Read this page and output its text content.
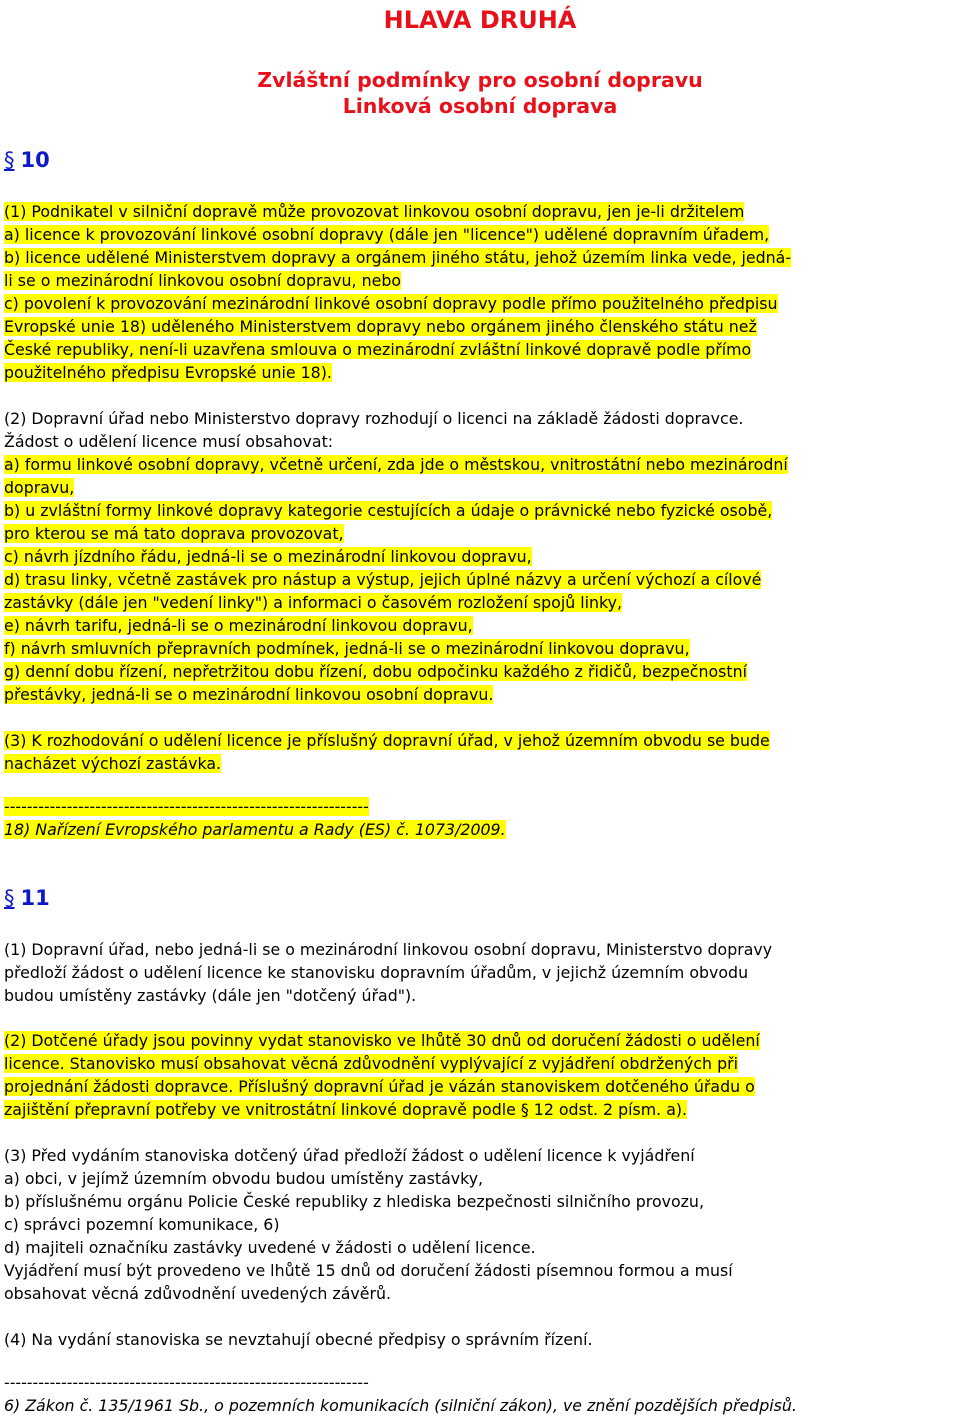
HLAVA DRUHÁ
Zvláštní podmínky pro osobní dopravu
Linková osobní doprava
§ 10
(1) Podnikatel v silniční dopravě může provozovat linkovou osobní dopravu, jen je-li držitelem
a) licence k provozování linkové osobní dopravy (dále jen "licence") udělené dopravním úřadem,
b) licence udělené Ministerstvem dopravy a orgánem jiného státu, jehož územím linka vede, jedná-
li se o mezinárodní linkovou osobní dopravu, nebo
c) povolení k provozování mezinárodní linkové osobní dopravy podle přímo použitelného předpisu
Evropské unie 18) uděleného Ministerstvem dopravy nebo orgánem jiného členského státu než
České republiky, není-li uzavřena smlouva o mezinárodní zvláštní linkové dopravě podle přímo
použitelného předpisu Evropské unie 18).
(2) Dopravní úřad nebo Ministerstvo dopravy rozhodují o licenci na základě žádosti dopravce.
Žádost o udělení licence musí obsahovat:
a) formu linkové osobní dopravy, včetně určení, zda jde o městskou, vnitrostátní nebo mezinárodní
dopravu,
b) u zvláštní formy linkové dopravy kategorie cestujících a údaje o právnické nebo fyzické osobě,
pro kterou se má tato doprava provozovat,
c) návrh jízdního řádu, jedná-li se o mezinárodní linkovou dopravu,
d) trasu linky, včetně zastávek pro nástup a výstup, jejich úplné názvy a určení výchozí a cílové
zastávky (dále jen "vedení linky") a informaci o časovém rozložení spojů linky,
e) návrh tarifu, jedná-li se o mezinárodní linkovou dopravu,
f) návrh smluvních přepravních podmínek, jedná-li se o mezinárodní linkovou dopravu,
g) denní dobu řízení, nepřetržitou dobu řízení, dobu odpočinku každého z řidičů, bezpečnostní
přestávky, jedná-li se o mezinárodní linkovou osobní dopravu.
(3) K rozhodování o udělení licence je příslušný dopravní úřad, v jehož územním obvodu se bude
nacházet výchozí zastávka.
----------------------------------------------------------------
18) Nařízení Evropského parlamentu a Rady (ES) č. 1073/2009.
§ 11
(1) Dopravní úřad, nebo jedná-li se o mezinárodní linkovou osobní dopravu, Ministerstvo dopravy
předloží žádost o udělení licence ke stanovisku dopravním úřadům, v jejichž územním obvodu
budou umístěny zastávky (dále jen "dotčený úřad").
(2) Dotčené úřady jsou povinny vydat stanovisko ve lhůtě 30 dnů od doručení žádosti o udělení
licence. Stanovisko musí obsahovat věcná zdůvodnění vyplývající z vyjádření obdržených při
projednání žádosti dopravce. Příslušný dopravní úřad je vázán stanoviskem dotčeného úřadu o
zajištění přepravní potřeby ve vnitrostátní linkové dopravě podle § 12 odst. 2 písm. a).
(3) Před vydáním stanoviska dotčený úřad předloží žádost o udělení licence k vyjádření
a) obci, v jejímž územním obvodu budou umístěny zastávky,
b) příslušnému orgánu Policie České republiky z hlediska bezpečnosti silničního provozu,
c) správci pozemní komunikace, 6)
d) majiteli označníku zastávky uvedené v žádosti o udělení licence.
Vyjádření musí být provedeno ve lhůtě 15 dnů od doručení žádosti písemnou formou a musí
obsahovat věcná zdůvodnění uvedených závěrů.
(4) Na vydání stanoviska se nevztahují obecné předpisy o správním řízení.
----------------------------------------------------------------
6) Zákon č. 135/1961 Sb., o pozemních komunikacích (silniční zákon), ve znění pozdějších předpisů.
